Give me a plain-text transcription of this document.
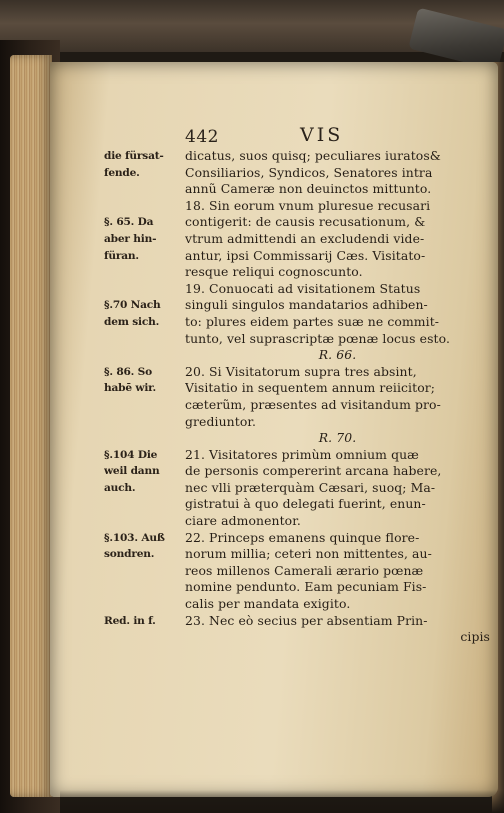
442	VIS
die fürsat-
fende.
§. 65. Da
aber hin-
füran.
§.70 Nach
dem sich.
§. 86. So
habē wir.
§.104 Die
weil dann
auch.
§.103. Auß
sondren.
Red. in f.
dicatus, suos quisq; peculiares iuratos&
Consiliarios, Syndicos, Senatores intra
annũ Cameræ non deuinctos mittunto.
18. Sin eorum vnum pluresue recusari
contigerit: de causis recusationum, &
vtrum admittendi an excludendi vide-
antur, ipsi Commissarij Cæs. Visitato-
resque reliqui cognoscunto.
19. Conuocati ad visitationem Status
singuli singulos mandatarios adhiben-
to: plures eidem partes suæ ne commit-
tunto, vel suprascriptæ pœnæ locus esto.
R. 66.
20. Si Visitatorum supra tres absint,
Visitatio in sequentem annum reiicitor;
cæterũm, præsentes ad visitandum pro-
grediuntor.
R. 70.
21. Visitatores primùm omnium quæ
de personis compererint arcana habere,
nec vlli præterquàm Cæsari, suoq; Ma-
gistratui à quo delegati fuerint, enun-
ciare admonentor.
22. Princeps emanens quinque flore-
norum millia; ceteri non mittentes, au-
reos millenos Camerali ærario pœnæ
nomine pendunto. Eam pecuniam Fis-
calis per mandata exigito.
23. Nec eò secius per absentiam Prin-
cipis
